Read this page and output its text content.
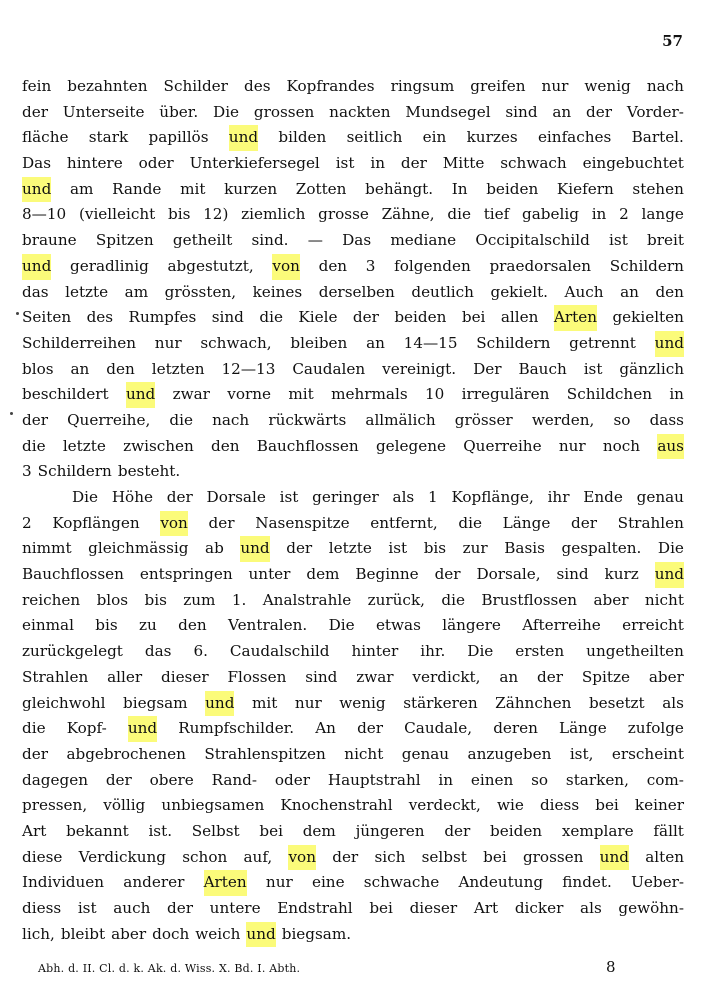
57
fein bezahnten Schilder des Kopfrandes ringsum greifen nur wenig nach
der Unterseite über. Die grossen nackten Mundsegel sind an der Vorder-
fläche stark papillös und bilden seitlich ein kurzes einfaches Bartel.
Das hintere oder Unterkiefersegel ist in der Mitte schwach eingebuchtet
und am Rande mit kurzen Zotten behängt. In beiden Kiefern stehen
8—10 (vielleicht bis 12) ziemlich grosse Zähne, die tief gabelig in 2 lange
braune Spitzen getheilt sind. — Das mediane Occipitalschild ist breit
und geradlinig abgestutzt, von den 3 folgenden praedorsalen Schildern
das letzte am grössten, keines derselben deutlich gekielt. Auch an den
Seiten des Rumpfes sind die Kiele der beiden bei allen Arten gekielten
Schilderreihen nur schwach, bleiben an 14—15 Schildern getrennt und
blos an den letzten 12—13 Caudalen vereinigt. Der Bauch ist gänzlich
beschildert und zwar vorne mit mehrmals 10 irregulären Schildchen in
der Querreihe, die nach rückwärts allmälich grösser werden, so dass
die letzte zwischen den Bauchflossen gelegene Querreihe nur noch aus
3 Schildern besteht.
Die Höhe der Dorsale ist geringer als 1 Kopflänge, ihr Ende genau
2 Kopflängen von der Nasenspitze entfernt, die Länge der Strahlen
nimmt gleichmässig ab und der letzte ist bis zur Basis gespalten. Die
Bauchflossen entspringen unter dem Beginne der Dorsale, sind kurz und
reichen blos bis zum 1. Analstrahle zurück, die Brustflossen aber nicht
einmal bis zu den Ventralen. Die etwas längere Afterreihe erreicht
zurückgelegt das 6. Caudalschild hinter ihr. Die ersten ungetheilten
Strahlen aller dieser Flossen sind zwar verdickt, an der Spitze aber
gleichwohl biegsam und mit nur wenig stärkeren Zähnchen besetzt als
die Kopf- und Rumpfschilder. An der Caudale, deren Länge zufolge
der abgebrochenen Strahlenspitzen nicht genau anzugeben ist, erscheint
dagegen der obere Rand- oder Hauptstrahl in einen so starken, com-
pressen, völlig unbiegsamen Knochenstrahl verdeckt, wie diess bei keiner
Art bekannt ist. Selbst bei dem jüngeren der beiden xemplare fällt
diese Verdickung schon auf, von der sich selbst bei grossen und alten
Individuen anderer Arten nur eine schwache Andeutung findet. Ueber-
diess ist auch der untere Endstrahl bei dieser Art dicker als gewöhn-
lich, bleibt aber doch weich und biegsam.
Abh. d. II. Cl. d. k. Ak. d. Wiss. X. Bd. I. Abth.	8
